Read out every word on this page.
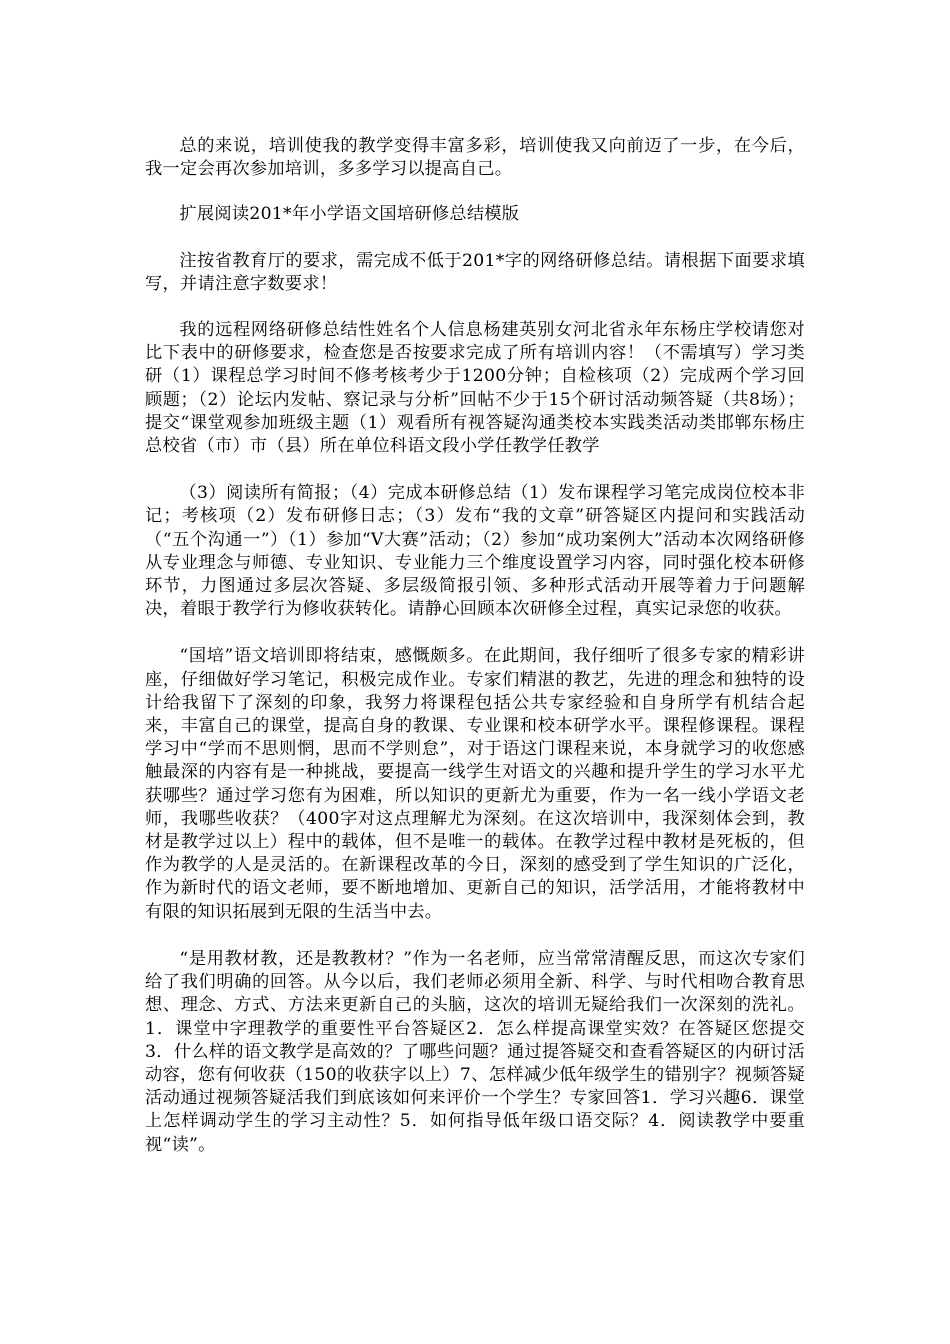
总的来说，培训使我的教学变得丰富多彩，培训使我又向前迈了一步，在今后，我一定会再次参加培训，多多学习以提高自己。

扩展阅读201*年小学语文国培研修总结模版

注按省教育厅的要求，需完成不低于201*字的网络研修总结。请根据下面要求填写，并请注意字数要求！

我的远程网络研修总结性姓名个人信息杨建英别女河北省永年东杨庄学校请您对比下表中的研修要求，检查您是否按要求完成了所有培训内容！（不需填写）学习类研（1）课程总学习时间不修考核考少于1200分钟；自检核项（2）完成两个学习回顾题；（2）论坛内发帖、察记录与分析”回帖不少于15个研讨活动频答疑（共8场）；提交“课堂观参加班级主题（1）观看所有视答疑沟通类校本实践类活动类邯郸东杨庄总校省（市）市（县）所在单位科语文段小学任教学任教学

（3）阅读所有简报；（4）完成本研修总结（1）发布课程学习笔完成岗位校本非记；考核项（2）发布研修日志；（3）发布“我的文章”研答疑区内提问和实践活动（“五个沟通一”）（1）参加“V大赛”活动；（2）参加“成功案例大”活动本次网络研修从专业理念与师德、专业知识、专业能力三个维度设置学习内容，同时强化校本研修环节，力图通过多层次答疑、多层级简报引领、多种形式活动开展等着力于问题解决，着眼于教学行为修收获转化。请静心回顾本次研修全过程，真实记录您的收获。

“国培”语文培训即将结束，感慨颇多。在此期间，我仔细听了很多专家的精彩讲座，仔细做好学习笔记，积极完成作业。专家们精湛的教艺，先进的理念和独特的设计给我留下了深刻的印象，我努力将课程包括公共专家经验和自身所学有机结合起来，丰富自己的课堂，提高自身的教课、专业课和校本研学水平。课程修课程。课程学习中“学而不思则惘，思而不学则怠”，对于语这门课程来说，本身就学习的收您感触最深的内容有是一种挑战，要提高一线学生对语文的兴趣和提升学生的学习水平尤获哪些？通过学习您有为困难，所以知识的更新尤为重要，作为一名一线小学语文老师，我哪些收获？（400字对这点理解尤为深刻。在这次培训中，我深刻体会到，教材是教学过以上）程中的载体，但不是唯一的载体。在教学过程中教材是死板的，但作为教学的人是灵活的。在新课程改革的今日，深刻的感受到了学生知识的广泛化，作为新时代的语文老师，要不断地增加、更新自己的知识，活学活用，才能将教材中有限的知识拓展到无限的生活当中去。

“是用教材教，还是教教材？”作为一名老师，应当常常清醒反思，而这次专家们给了我们明确的回答。从今以后，我们老师必须用全新、科学、与时代相吻合教育思想、理念、方式、方法来更新自己的头脑，这次的培训无疑给我们一次深刻的洗礼。1．课堂中字理教学的重要性平台答疑区2．怎么样提高课堂实效？在答疑区您提交3．什么样的语文教学是高效的？了哪些问题？通过提答疑交和查看答疑区的内研讨活动容，您有何收获（150的收获字以上）7、怎样减少低年级学生的错别字？视频答疑活动通过视频答疑活我们到底该如何来评价一个学生？专家回答1．学习兴趣6．课堂上怎样调动学生的学习主动性？5．如何指导低年级口语交际？4．阅读教学中要重视“读”。
